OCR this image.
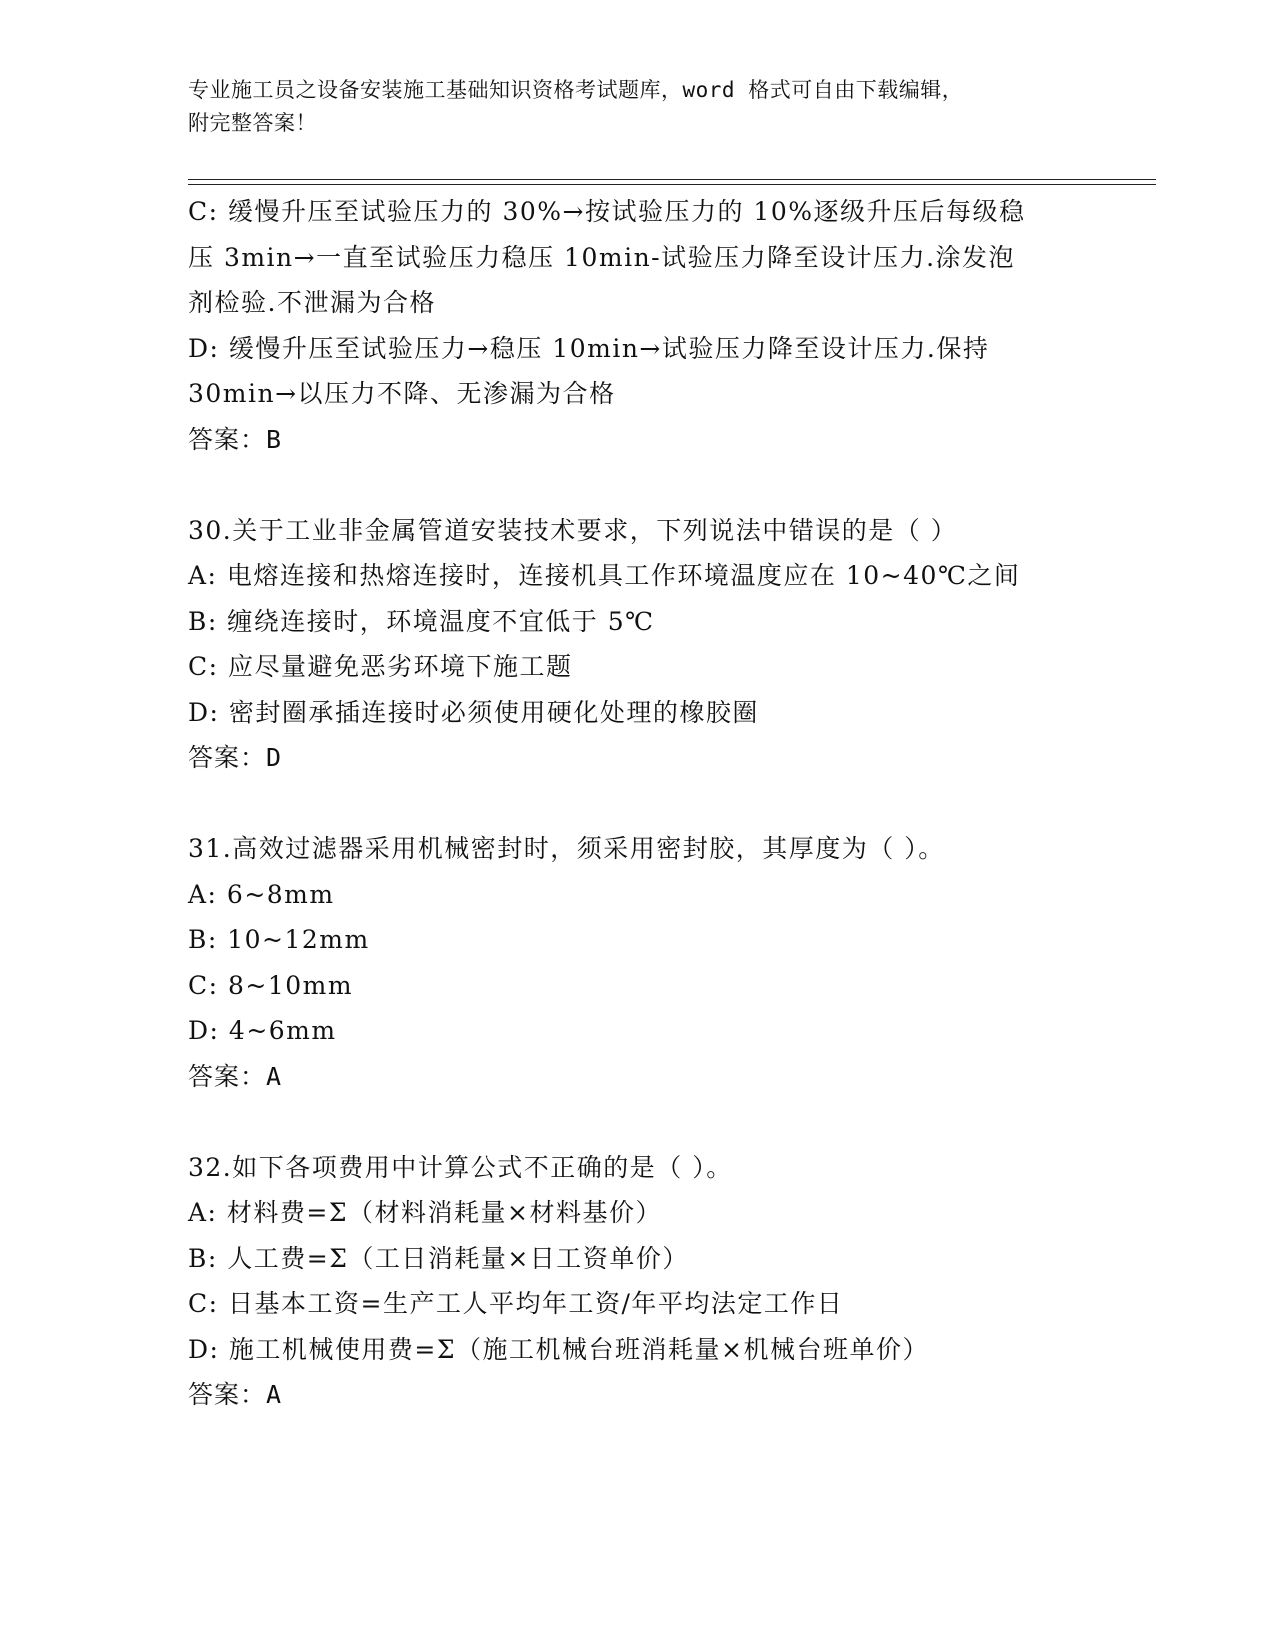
专业施工员之设备安装施工基础知识资格考试题库，word 格式可自由下载编辑，
附完整答案！
C: 缓慢升压至试验压力的 30%→按试验压力的 10%逐级升压后每级稳
压 3min→一直至试验压力稳压 10min-试验压力降至设计压力.涂发泡
剂检验.不泄漏为合格
D: 缓慢升压至试验压力→稳压 10min→试验压力降至设计压力.保持
30min→以压力不降、无渗漏为合格
答案：B
30.关于工业非金属管道安装技术要求，下列说法中错误的是（ ）
A: 电熔连接和热熔连接时，连接机具工作环境温度应在 10~40℃之间
B: 缠绕连接时，环境温度不宜低于 5℃
C: 应尽量避免恶劣环境下施工题
D: 密封圈承插连接时必须使用硬化处理的橡胶圈
答案：D
31.高效过滤器采用机械密封时，须采用密封胶，其厚度为（ ）。
A: 6~8mm
B: 10~12mm
C: 8~10mm
D: 4~6mm
答案：A
32.如下各项费用中计算公式不正确的是（ ）。
A: 材料费=Σ（材料消耗量×材料基价）
B: 人工费=Σ（工日消耗量×日工资单价）
C: 日基本工资=生产工人平均年工资/年平均法定工作日
D: 施工机械使用费=Σ（施工机械台班消耗量×机械台班单价）
答案：A
